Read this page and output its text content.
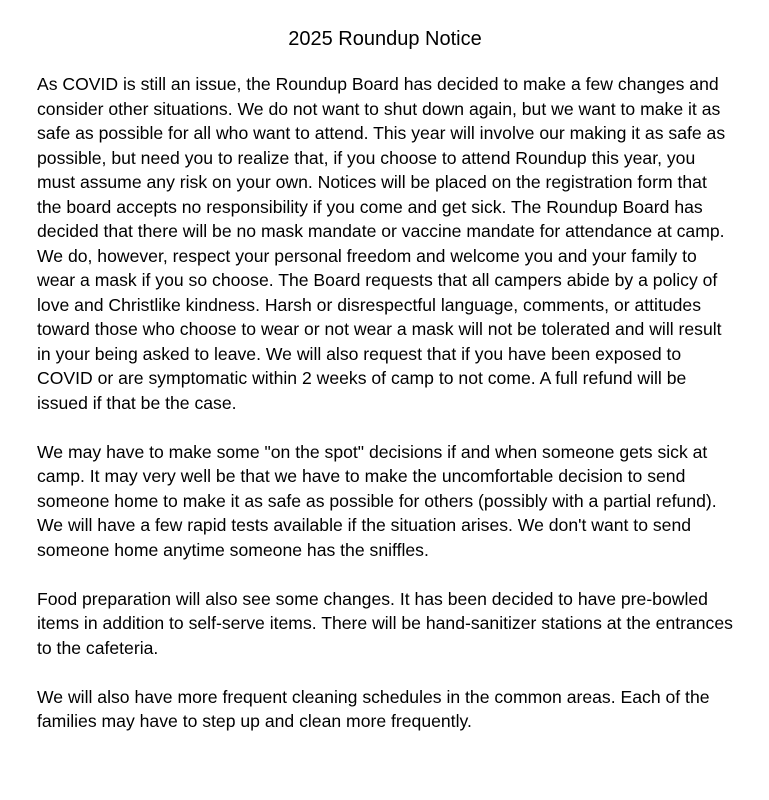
2025 Roundup Notice

As COVID is still an issue, the Roundup Board has decided to make a few changes and consider other situations. We do not want to shut down again, but we want to make it as safe as possible for all who want to attend. This year will involve our making it as safe as possible, but need you to realize that, if you choose to attend Roundup this year, you must assume any risk on your own. Notices will be placed on the registration form that the board accepts no responsibility if you come and get sick. The Roundup Board has decided that there will be no mask mandate or vaccine mandate for attendance at camp. We do, however, respect your personal freedom and welcome you and your family to wear a mask if you so choose. The Board requests that all campers abide by a policy of love and Christlike kindness. Harsh or disrespectful language, comments, or attitudes toward those who choose to wear or not wear a mask will not be tolerated and will result in your being asked to leave. We will also request that if you have been exposed to COVID or are symptomatic within 2 weeks of camp to not come. A full refund will be issued if that be the case.

We may have to make some "on the spot" decisions if and when someone gets sick at camp. It may very well be that we have to make the uncomfortable decision to send someone home to make it as safe as possible for others (possibly with a partial refund). We will have a few rapid tests available if the situation arises. We don't want to send someone home anytime someone has the sniffles.

Food preparation will also see some changes. It has been decided to have pre-bowled items in addition to self-serve items. There will be hand-sanitizer stations at the entrances to the cafeteria.

We will also have more frequent cleaning schedules in the common areas. Each of the families may have to step up and clean more frequently.
